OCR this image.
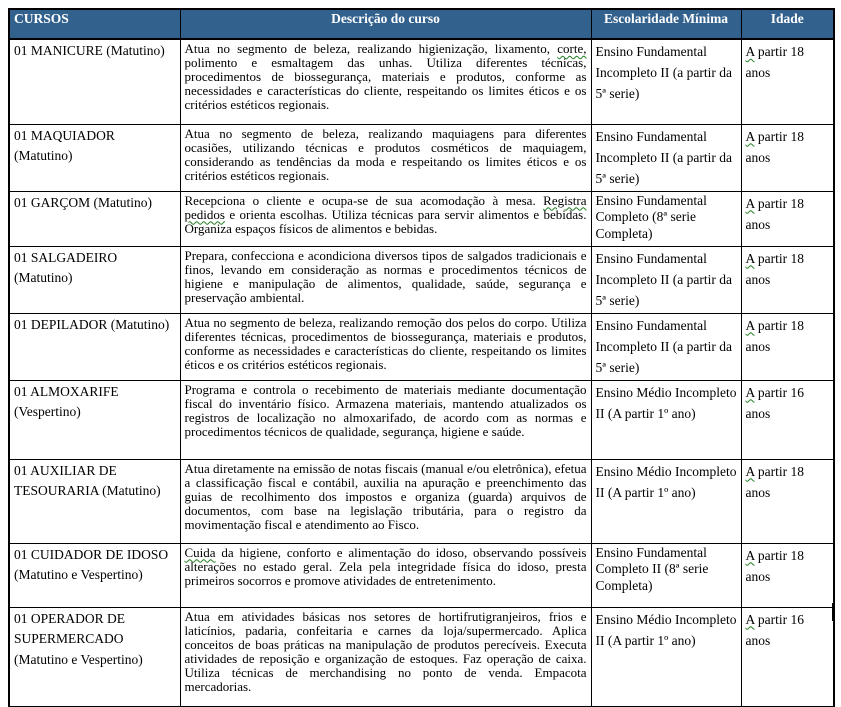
CURSOS	Descrição do curso	Escolaridade Mínima	Idade
01 MANICURE (Matutino)	Atua no segmento de beleza, realizando higienização, lixamento, corte, polimento e esmaltagem das unhas. Utiliza diferentes técnicas, procedimentos de biossegurança, materiais e produtos, conforme as necessidades e características do cliente, respeitando os limites éticos e os critérios estéticos regionais.	Ensino Fundamental Incompleto II (a partir da 5ª serie)	A partir 18 anos
01 MAQUIADOR (Matutino)	Atua no segmento de beleza, realizando maquiagens para diferentes ocasiões, utilizando técnicas e produtos cosméticos de maquiagem, considerando as tendências da moda e respeitando os limites éticos e os critérios estéticos regionais.	Ensino Fundamental Incompleto II (a partir da 5ª serie)	A partir 18 anos
01 GARÇOM (Matutino)	Recepciona o cliente e ocupa-se de sua acomodação à mesa. Registra pedidos e orienta escolhas. Utiliza técnicas para servir alimentos e bebidas. Organiza espaços físicos de alimentos e bebidas.	Ensino Fundamental Completo (8ª serie Completa)	A partir 18 anos
01 SALGADEIRO (Matutino)	Prepara, confecciona e acondiciona diversos tipos de salgados tradicionais e finos, levando em consideração as normas e procedimentos técnicos de higiene e manipulação de alimentos, qualidade, saúde, segurança e preservação ambiental.	Ensino Fundamental Incompleto II (a partir da 5ª serie)	A partir 18 anos
01 DEPILADOR (Matutino)	Atua no segmento de beleza, realizando remoção dos pelos do corpo. Utiliza diferentes técnicas, procedimentos de biossegurança, materiais e produtos, conforme as necessidades e características do cliente, respeitando os limites éticos e os critérios estéticos regionais.	Ensino Fundamental Incompleto II (a partir da 5ª serie)	A partir 18 anos
01 ALMOXARIFE (Vespertino)	Programa e controla o recebimento de materiais mediante documentação fiscal do inventário físico. Armazena materiais, mantendo atualizados os registros de localização no almoxarifado, de acordo com as normas e procedimentos técnicos de qualidade, segurança, higiene e saúde.	Ensino Médio Incompleto II (A partir 1º ano)	A partir 16 anos
01 AUXILIAR DE TESOURARIA (Matutino)	Atua diretamente na emissão de notas fiscais (manual e/ou eletrônica), efetua a classificação fiscal e contábil, auxilia na apuração e preenchimento das guias de recolhimento dos impostos e organiza (guarda) arquivos de documentos, com base na legislação tributária, para o registro da movimentação fiscal e atendimento ao Fisco.	Ensino Médio Incompleto II (A partir 1º ano)	A partir 18 anos
01 CUIDADOR DE IDOSO (Matutino e Vespertino)	Cuida da higiene, conforto e alimentação do idoso, observando possíveis alterações no estado geral. Zela pela integridade física do idoso, presta primeiros socorros e promove atividades de entretenimento.	Ensino Fundamental Completo II (8ª serie Completa)	A partir 18 anos
01 OPERADOR DE SUPERMERCADO (Matutino e Vespertino)	Atua em atividades básicas nos setores de hortifrutigranjeiros, frios e laticínios, padaria, confeitaria e carnes da loja/supermercado. Aplica conceitos de boas práticas na manipulação de produtos perecíveis. Executa atividades de reposição e organização de estoques. Faz operação de caixa. Utiliza técnicas de merchandising no ponto de venda. Empacota mercadorias.	Ensino Médio Incompleto II (A partir 1º ano)	A partir 16 anos
